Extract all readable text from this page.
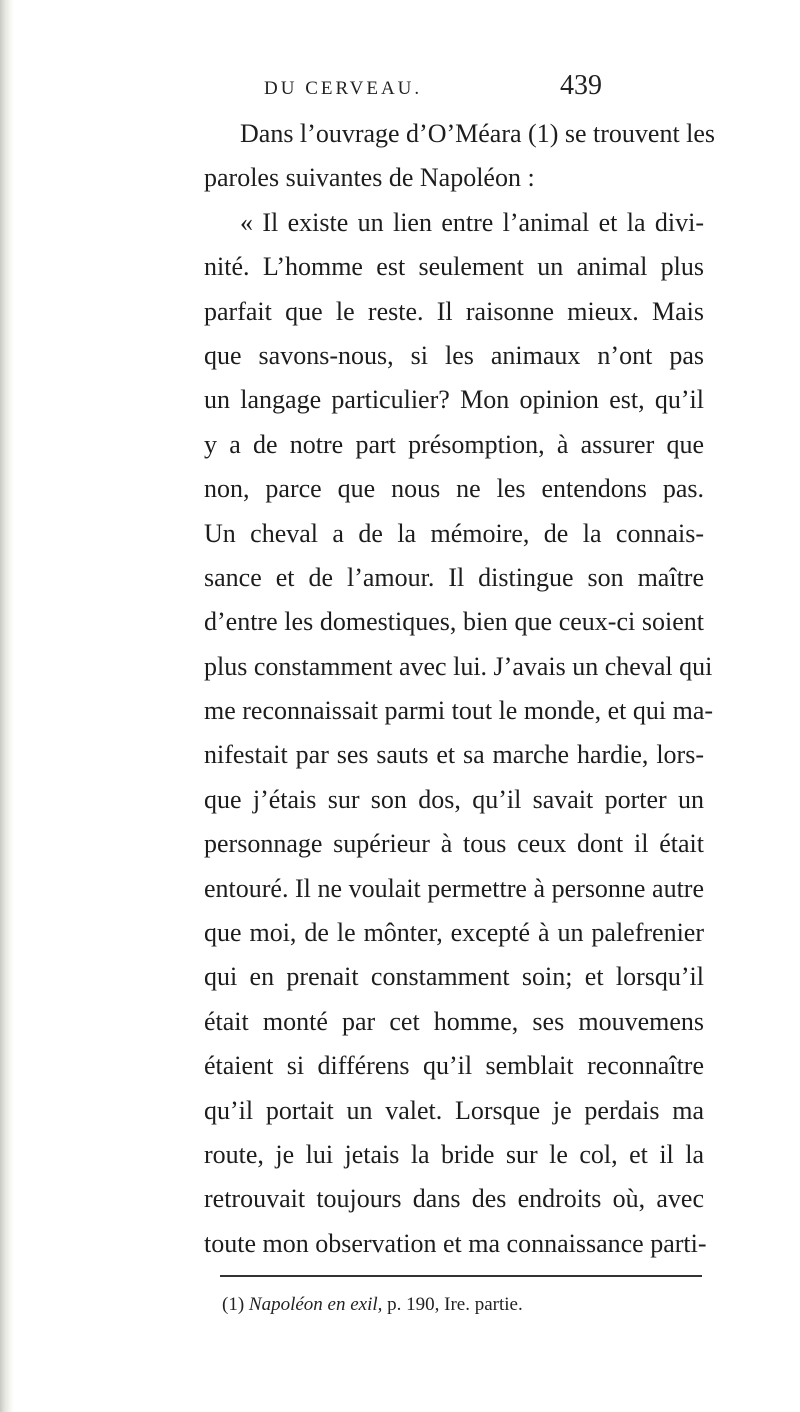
DU CERVEAU.	439
Dans l’ouvrage d’O’Méara (1) se trouvent les
paroles suivantes de Napoléon :
« Il existe un lien entre l’animal et la divi-
nité. L’homme est seulement un animal plus
parfait que le reste. Il raisonne mieux. Mais
que savons-nous, si les animaux n’ont pas
un langage particulier? Mon opinion est, qu’il
y a de notre part présomption, à assurer que
non, parce que nous ne les entendons pas.
Un cheval a de la mémoire, de la connais-
sance et de l’amour. Il distingue son maître
d’entre les domestiques, bien que ceux-ci soient
plus constamment avec lui. J’avais un cheval qui
me reconnaissait parmi tout le monde, et qui ma-
nifestait par ses sauts et sa marche hardie, lors-
que j’étais sur son dos, qu’il savait porter un
personnage supérieur à tous ceux dont il était
entouré. Il ne voulait permettre à personne autre
que moi, de le mônter, excepté à un palefrenier
qui en prenait constamment soin; et lorsqu’il
était monté par cet homme, ses mouvemens
étaient si différens qu’il semblait reconnaître
qu’il portait un valet. Lorsque je perdais ma
route, je lui jetais la bride sur le col, et il la
retrouvait toujours dans des endroits où, avec
toute mon observation et ma connaissance parti-
(1) Napoléon en exil, p. 190, Ire. partie.
